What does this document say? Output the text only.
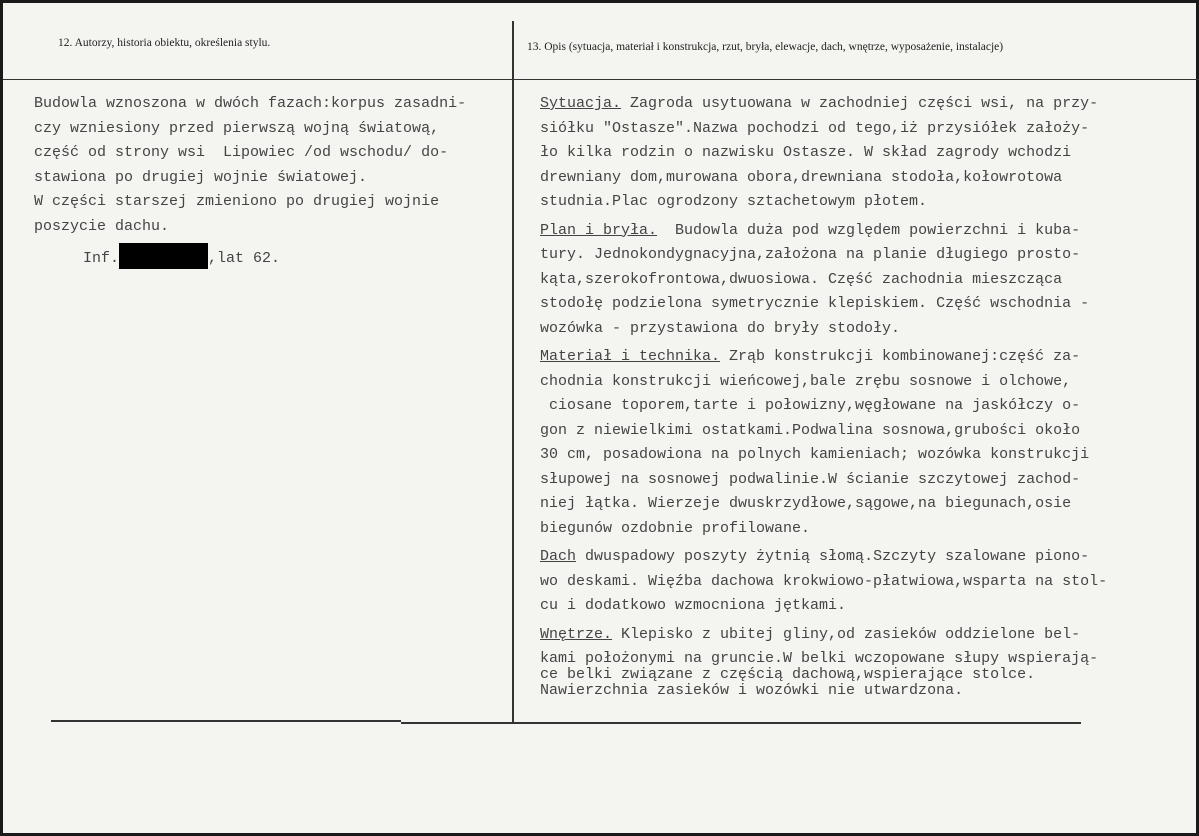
12. Autorzy, historia obiektu, określenia stylu.	13. Opis (sytuacja, materiał i konstrukcja, rzut, bryła, elewacje, dach, wnętrze, wyposażenie, instalacje)
Budowla wznoszona w dwóch fazach:korpus zasadni-
czy wzniesiony przed pierwszą wojną światową,
część od strony wsi  Lipowiec /od wschodu/ do-
stawiona po drugiej wojnie światowej.
W części starszej zmieniono po drugiej wojnie
poszycie dachu.
Inf.	,lat 62.
Sytuacja. Zagroda usytuowana w zachodniej części wsi, na przy-
siółku "Ostasze".Nazwa pochodzi od tego,iż przysiółek założy-
ło kilka rodzin o nazwisku Ostasze. W skład zagrody wchodzi
drewniany dom,murowana obora,drewniana stodoła,kołowrotowa
studnia.Plac ogrodzony sztachetowym płotem.
Plan i bryła.  Budowla duża pod względem powierzchni i kuba-
tury. Jednokondygnacyjna,założona na planie długiego prosto-
kąta,szerokofrontowa,dwuosiowa. Część zachodnia mieszcząca
stodołę podzielona symetrycznie klepiskiem. Część wschodnia -
wozówka - przystawiona do bryły stodoły.
Materiał i technika. Zrąb konstrukcji kombinowanej:część za-
chodnia konstrukcji wieńcowej,bale zrębu sosnowe i olchowe,
ciosane toporem,tarte i połowizny,węgłowane na jaskółczy o-
gon z niewielkimi ostatkami.Podwalina sosnowa,grubości około
30 cm, posadowiona na polnych kamieniach; wozówka konstrukcji
słupowej na sosnowej podwalinie.W ścianie szczytowej zachod-
niej łątka. Wierzeje dwuskrzydłowe,sągowe,na biegunach,osie
biegunów ozdobnie profilowane.
Dach dwuspadowy poszyty żytnią słomą.Szczyty szalowane piono-
wo deskami. Więźba dachowa krokwiowo-płatwiowa,wsparta na stol-
cu i dodatkowo wzmocniona jętkami.
Wnętrze. Klepisko z ubitej gliny,od zasieków oddzielone bel-
kami położonymi na gruncie.W belki wczopowane słupy wspierają-
ce belki związane z częścią dachową,wspierające stolce.
Nawierzchnia zasieków i wozówki nie utwardzona.
